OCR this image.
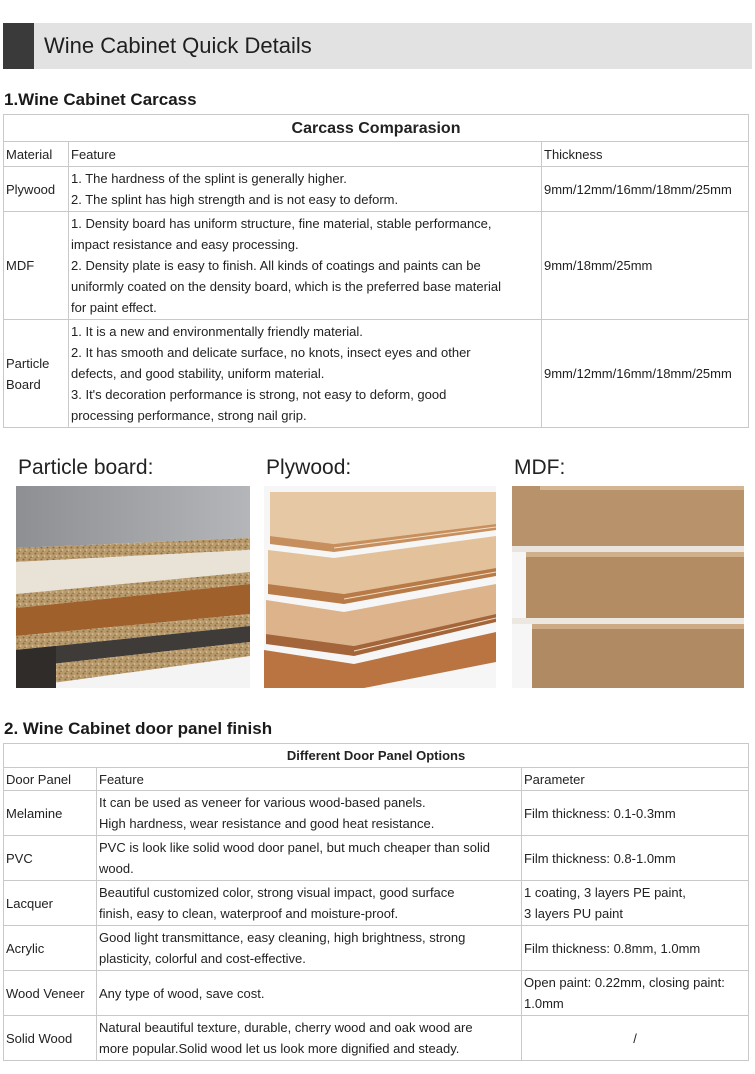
Wine Cabinet Quick Details
1.Wine Cabinet Carcass
Carcass Comparasion		
Material	Feature	Thickness
Plywood	1. The hardness of the splint is generally higher.
2. The splint has high strength and is not easy to deform.	9mm/12mm/16mm/18mm/25mm
MDF	1. Density board has uniform structure, fine material, stable performance,
impact resistance and easy processing.
2. Density plate is easy to finish. All kinds of coatings and paints can be
uniformly coated on the density board, which is the preferred base material
for paint effect.	9mm/18mm/25mm

Particle
Board	1. It is a new and environmentally friendly material.
2. It has smooth and delicate surface, no knots, insect eyes and other
defects, and good stability, uniform material.
3. It's decoration performance is strong, not easy to deform, good
processing performance, strong nail grip.	9mm/12mm/16mm/18mm/25mm
Particle board:	Plywood:	MDF:
2. Wine Cabinet door panel finish
Different Door Panel Options		
Door Panel	Feature	Parameter
Melamine	It can be used as veneer for various wood-based panels.
High hardness, wear resistance and good heat resistance.	Film thickness: 0.1-0.3mm

PVC	PVC is look like solid wood door panel, but much cheaper than solid
wood.	Film thickness: 0.8-1.0mm

Lacquer	Beautiful customized color, strong visual impact, good surface
finish, easy to clean, waterproof and moisture-proof.	1 coating, 3 layers PE paint,
3 layers PU paint

Acrylic	Good light transmittance, easy cleaning, high brightness, strong
plasticity, colorful and cost-effective.	Film thickness: 0.8mm, 1.0mm

Wood Veneer	Any type of wood, save cost.	Open paint: 0.22mm, closing paint:
1.0mm

Solid Wood	Natural beautiful texture, durable, cherry wood and oak wood are
more popular.Solid wood let us look more dignified and steady.	/
